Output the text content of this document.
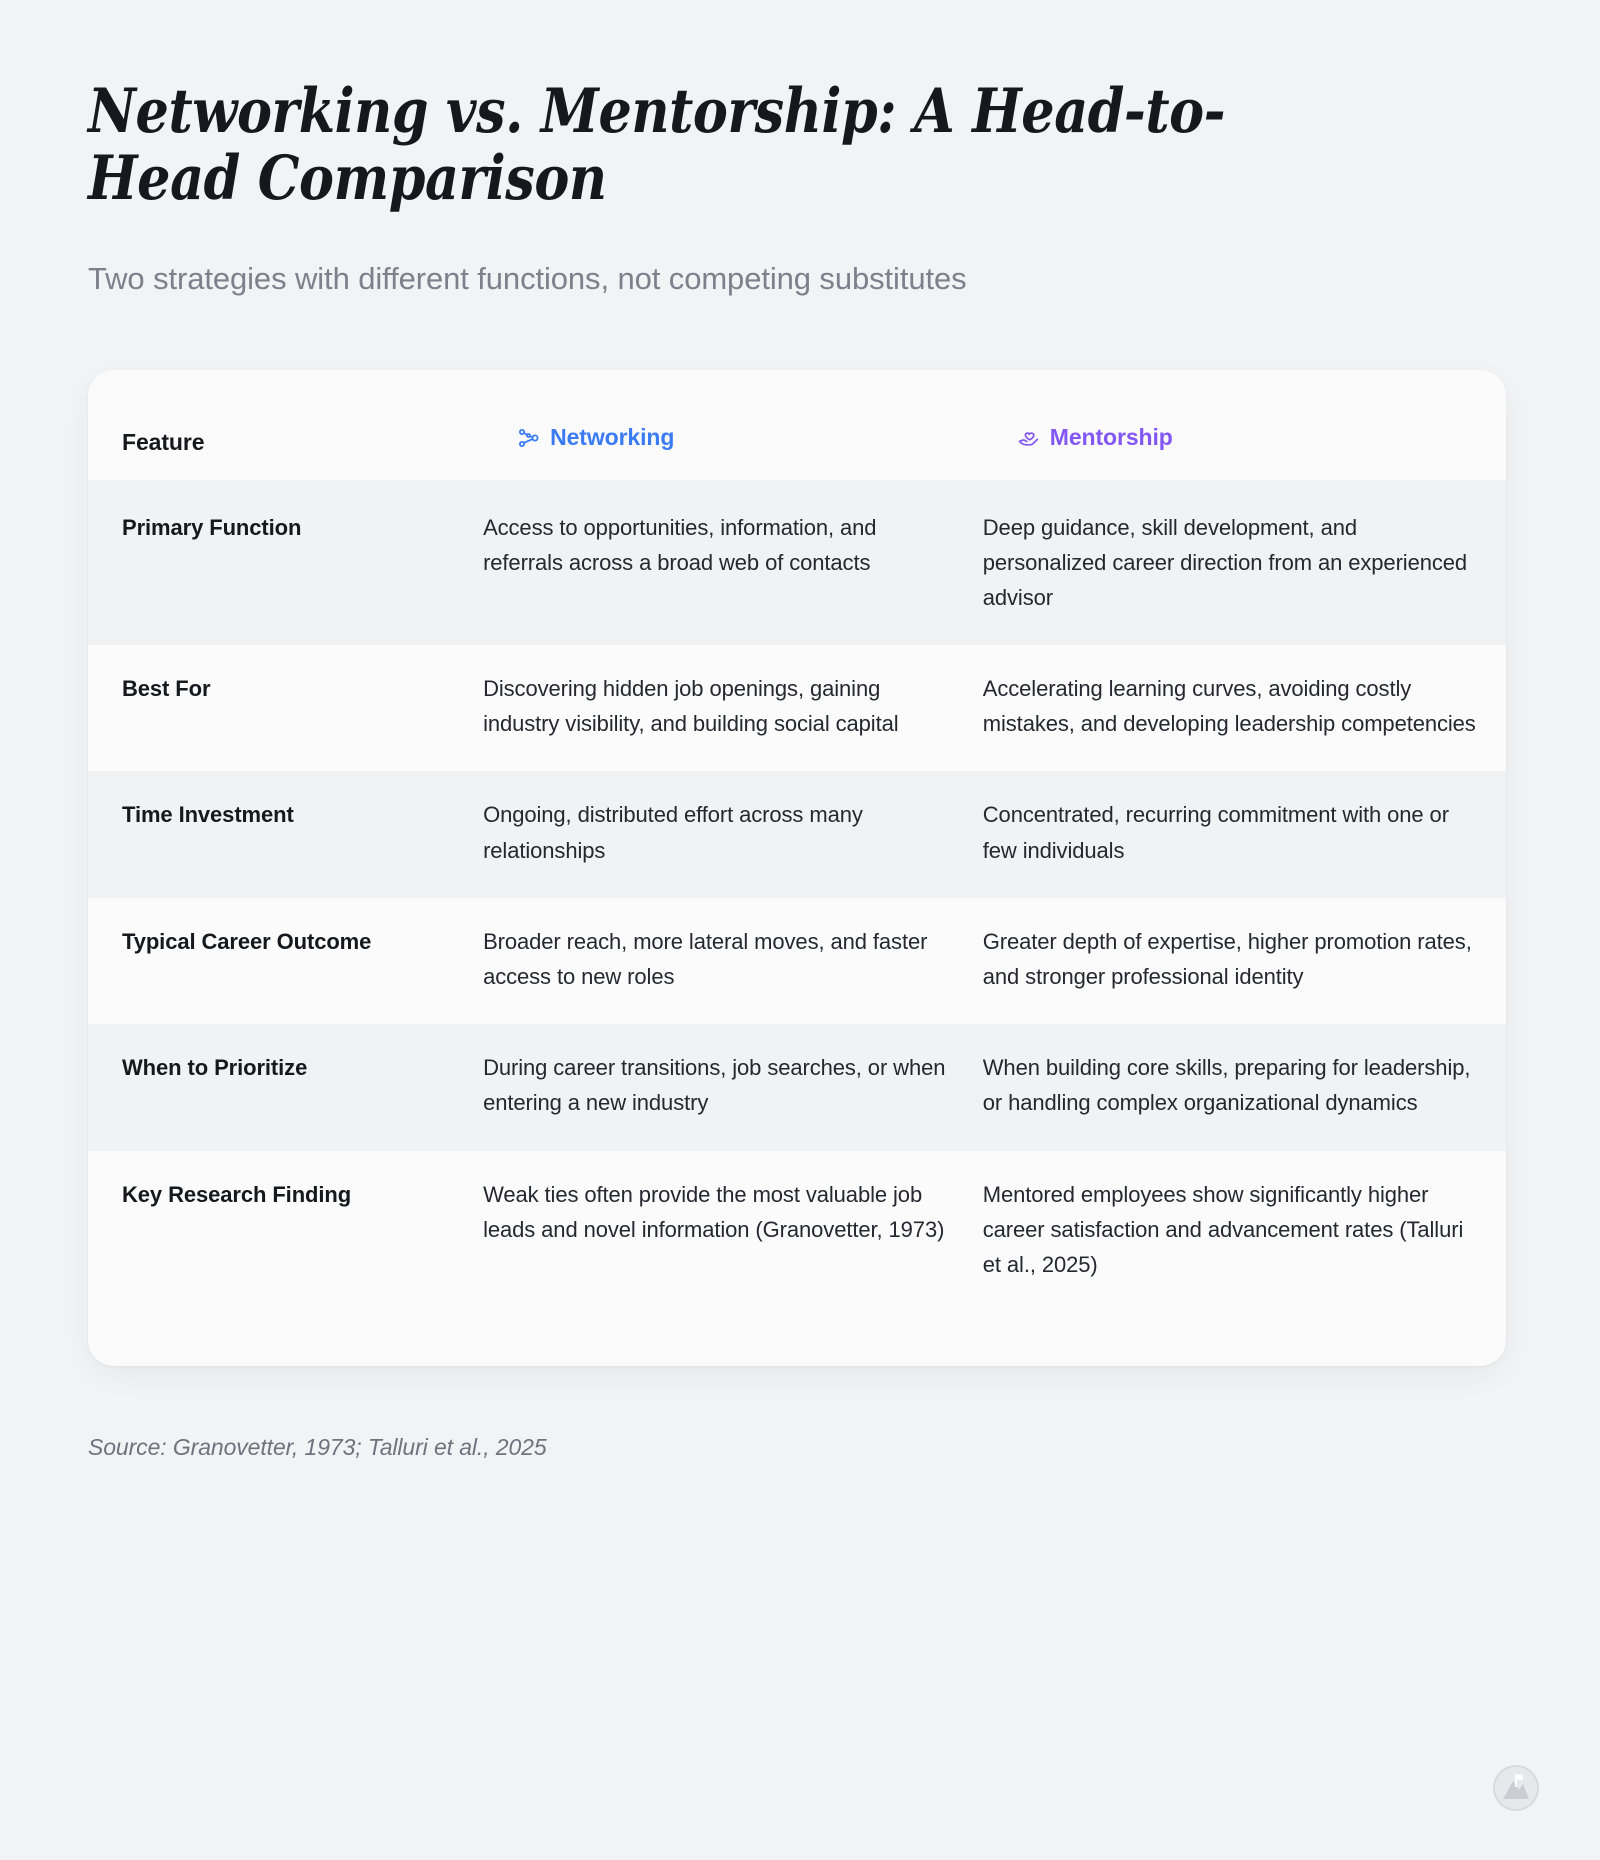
Networking vs. Mentorship: A Head-to-Head Comparison

Two strategies with different functions, not competing substitutes

Feature	Networking	Mentorship

Primary Function	Access to opportunities, information, and referrals across a broad web of contacts	Deep guidance, skill development, and personalized career direction from an experienced advisor
Best For	Discovering hidden job openings, gaining industry visibility, and building social capital	Accelerating learning curves, avoiding costly mistakes, and developing leadership competencies
Time Investment	Ongoing, distributed effort across many relationships	Concentrated, recurring commitment with one or few individuals
Typical Career Outcome	Broader reach, more lateral moves, and faster access to new roles	Greater depth of expertise, higher promotion rates, and stronger professional identity
When to Prioritize	During career transitions, job searches, or when entering a new industry	When building core skills, preparing for leadership, or handling complex organizational dynamics
Key Research Finding	Weak ties often provide the most valuable job leads and novel information (Granovetter, 1973)	Mentored employees show significantly higher career satisfaction and advancement rates (Talluri et al., 2025)

Source: Granovetter, 1973; Talluri et al., 2025
